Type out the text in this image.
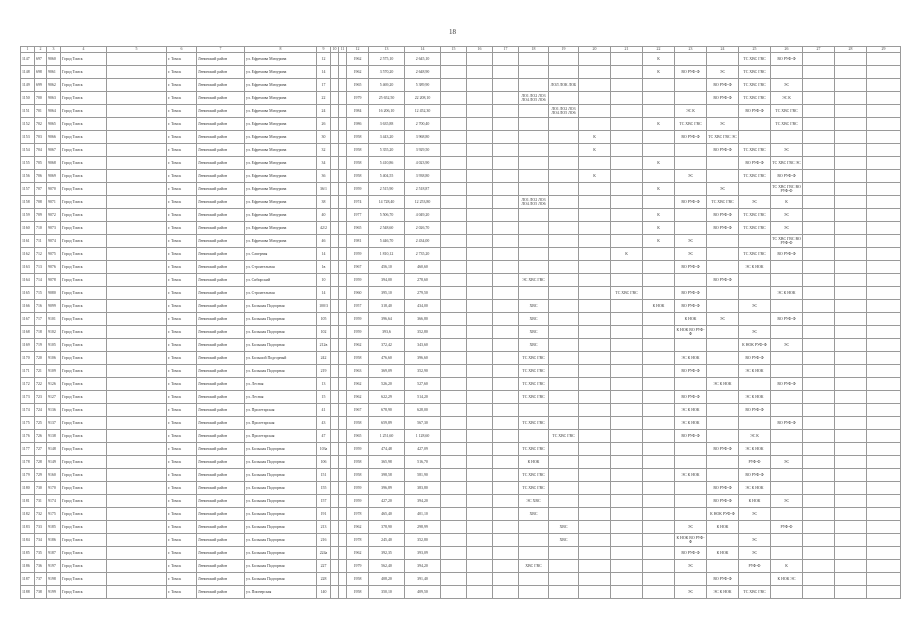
18
1	2	3	4	5	6	7	8	9	10	11	12	13	14	15	16	17	18	19	20	21	22	23	24	25	26	27	28	29
1147	697	9060	Город Томск		г. Томск	Ленинский район	ул. Ефремова Мичурина	12			1962	2 575,10	2 645,10								К			ТС ХВС ГВС	ВО РУФ-Ф			
1148	698	9061	Город Томск		г. Томск	Ленинский район	ул. Ефремова Мичурина	14			1962	3 570,20	2 648,90								К	ВО РУФ-Ф	ЭС	ТС ХВС ГВС				
1149	699	9062	Город Томск		г. Томск	Ленинский район	ул. Ефремова Мичурина	17			1965	5 469,20	5 389,90					ЛОЛ ЛОК ЛОБ					ВО РУФ-Ф	ТС ХВС ГВС	ЭС			
1150	700	9063	Город Томск		г. Томск	Ленинский район	ул. Ефремова Мичурина	22			1979	25 652,50	22 208,10				ЛО1 ЛО2 ЛО3 ЛО4 ЛО5 ЛО6						ВО РУФ-Ф	ТС ХВС ГВС	ЭС К			
1151	701	9064	Город Томск		г. Томск	Ленинский район	ул. Ефремова Мичурина	24			1984	16 206,10	12 452,30					ЛО1 ЛО2 ЛО3 ЛО4 ЛО5 ЛО6				ЭС К		ВО РУФ-Ф	ТС ХВС ГВС			
1152	702	9065	Город Томск		г. Томск	Ленинский район	ул. Ефремова Мичурина	26			1986	3 635,88	2 700,40								К	ТС ХВС ГВС	ЭС		ТС ХВС ГВС			
1153	703	9066	Город Томск		г. Томск	Ленинский район	ул. Ефремова Мичурина	30			1958	3 443,20	3 968,80						К			ВО РУФ-Ф	ТС ХВС ГВС ЭС					
1154	704	9067	Город Томск		г. Томск	Ленинский район	ул. Ефремова Мичурина	32			1958	5 355,20	3 929,50						К				ВО РУФ-Ф	ТС ХВС ГВС	ЭС			
1155	705	9068	Город Томск		г. Томск	Ленинский район	ул. Ефремова Мичурина	34			1958	5 410,86	4 023,90								К			ВО РУФ-Ф	ТС ХВС ГВС ЭС			
1156	706	9069	Город Томск		г. Томск	Ленинский район	ул. Ефремова Мичурина	36			1958	5 404,55	3 938,80						К			ЭС		ТС ХВС ГВС	ВО РУФ-Ф			
1157	707	9070	Город Томск		г. Томск	Ленинский район	ул. Ефремова Мичурина	36/1			1959	2 515,90	2 518,87								К		ЭС		ТС ХВС ГВС ВО РУФ-Ф			
1158	708	9071	Город Томск		г. Томск	Ленинский район	ул. Ефремова Мичурина	38			1974	14 728,40	12 253,80				ЛО1 ЛО2 ЛО3 ЛО4 ЛО5 ЛО6					ВО РУФ-Ф	ТС ХВС ГВС	ЭС	К			
1159	709	9072	Город Томск		г. Томск	Ленинский район	ул. Ефремова Мичурина	40			1977	5 506,70	4 049,20								К		ВО РУФ-Ф	ТС ХВС ГВС	ЭС			
1160	710	9073	Город Томск		г. Томск	Ленинский район	ул. Ефремова Мичурина	42/2			1965	2 548,60	2 026,70								К		ВО РУФ-Ф	ТС ХВС ГВС	ЭС			
1161	711	9074	Город Томск		г. Томск	Ленинский район	ул. Ефремова Мичурина	46			1981	5 446,70	2 434,00								К	ЭС			ТС ХВС ГВС ВО РУФ-Ф			
1162	712	9075	Город Томск		г. Томск	Ленинский район	ул. Саперная	14			1959	1 810,12	2 735,20							К		ЭС		ТС ХВС ГВС	ВО РУФ-Ф			
1163	713	9076	Город Томск		г. Томск	Ленинский район	ул. Строительная	1в			1967	456,10	460,60									ВО РУФ-Ф		ЭС К НОК				
1164	714	9078	Город Томск		г. Томск	Ленинский район	ул. Сибирский	10			1959	394,00	278,60				ЭС ХВС ГВС						ВО РУФ-Ф					
1165	715	9080	Город Томск		г. Томск	Ленинский район	ул. Строительная	14			1960	395,10	279,50							ТС ХВС ГВС		ВО РУФ-Ф			ЭС К НОК			
1166	716	9099	Город Томск		г. Томск	Ленинский район	ул. Большая Подгорная	100/3			1957	318,40	434,00				ХВС				К НОК	ВО РУФ-Ф		ЭС				
1167	717	9101	Город Томск		г. Томск	Ленинский район	ул. Большая Подгорная	105			1959	396,64	366,80				ХВС					К НОК	ЭС		ВО РУФ-Ф			
1168	718	9102	Город Томск		г. Томск	Ленинский район	ул. Большая Подгорная	102			1959	393,6	352,80				ХВС					К НОК ВО РУФ-Ф		ЭС				
1169	719	9105	Город Томск		г. Томск	Ленинский район	ул. Большая Подгорная	212в			1962	372,42	343,60				ХВС							К НОК РУФ-Ф	ЭС			
1170	720	9106	Город Томск		г. Томск	Ленинский район	ул. Большой Подгорный	242			1958	476,60	396,60				ТС ХВС ГВС					ЭС К НОК		ВО РУФ-Ф				
1171	721	9109	Город Томск		г. Томск	Ленинский район	ул. Большая Подгорная	219			1963	369,09	352,90				ТС ХВС ГВС					ВО РУФ-Ф		ЭС К НОК				
1172	722	9126	Город Томск		г. Томск	Ленинский район	ул. Лесная	13			1962	526,20	527,60				ТС ХВС ГВС						ЭС К НОК		ВО РУФ-Ф			
1173	723	9127	Город Томск		г. Томск	Ленинский район	ул. Лесная	15			1962	622,29	514,20				ТС ХВС ГВС					ВО РУФ-Ф		ЭС К НОК				
1174	724	9136	Город Томск		г. Томск	Ленинский район	ул. Пролетарская	41			1967	678,90	628,00									ЭС К НОК		ВО РУФ-Ф				
1175	725	9137	Город Томск		г. Томск	Ленинский район	ул. Пролетарская	43			1958	659,89	567,30				ТС ХВС ГВС					ЭС К НОК			ВО РУФ-Ф			
1176	726	9138	Город Томск		г. Томск	Ленинский район	ул. Пролетарская	47			1965	1 251,60	1 128,60					ТС ХВС ГВС				ВО РУФ-Ф		ЭС К				
1177	727	9148	Город Томск		г. Томск	Ленинский район	ул. Большая Подгорная	103а			1959	474,48	427,09				ТС ХВС ГВС						ВО РУФ-Ф	ЭС К НОК				
1178	728	9149	Город Томск		г. Томск	Ленинский район	ул. Большая Подгорная	106			1958	365,98	516,70				К НОК							РУФ-Ф	ЭС			
1179	729	9160	Город Томск		г. Томск	Ленинский район	ул. Большая Подгорная	151			1958	398,58	581,90				ТС ХВС ГВС					ЭС К НОК		ВО РУФ-Ф				
1180	730	9170	Город Томск		г. Томск	Ленинский район	ул. Большая Подгорная	155			1959	396,89	383,80				ТС ХВС ГВС						ВО РУФ-Ф	ЭС К НОК				
1181	731	9174	Город Томск		г. Томск	Ленинский район	ул. Большая Подгорная	157			1959	427,20	394,20				ЭС ХВС						ВО РУФ-Ф	К НОК	ЭС			
1182	732	9175	Город Томск		г. Томск	Ленинский район	ул. Большая Подгорная	191			1978	465,40	401,10				ХВС						К НОК РУФ-Ф	ЭС				
1183	733	9185	Город Томск		г. Томск	Ленинский район	ул. Большая Подгорная	213			1962	378,90	298,99					ХВС				ЭС	К НОК		РУФ-Ф			
1184	734	9186	Город Томск		г. Томск	Ленинский район	ул. Большая Подгорная	216			1978	245,40	352,80					ХВС				К НОК ВО РУФ-Ф		ЭС				
1185	735	9187	Город Томск		г. Томск	Ленинский район	ул. Большая Подгорная	224а			1962	392,35	393,09									ВО РУФ-Ф	К НОК	ЭС				
1186	736	9197	Город Томск		г. Томск	Ленинский район	ул. Большая Подгорная	227			1979	562,40	394,20				ХВС ГВС					ЭС		РУФ-Ф	К			
1187	737	9198	Город Томск		г. Томск	Ленинский район	ул. Большая Подгорная	228			1958	408,20	391,40										ВО РУФ-Ф		К НОК ЭС			
1188	738	9199	Город Томск		г. Томск	Ленинский район	ул. Пионерская	140			1958	350,10	409,50									ЭС	ЭС К НОК	ТС ХВС ГВС				
